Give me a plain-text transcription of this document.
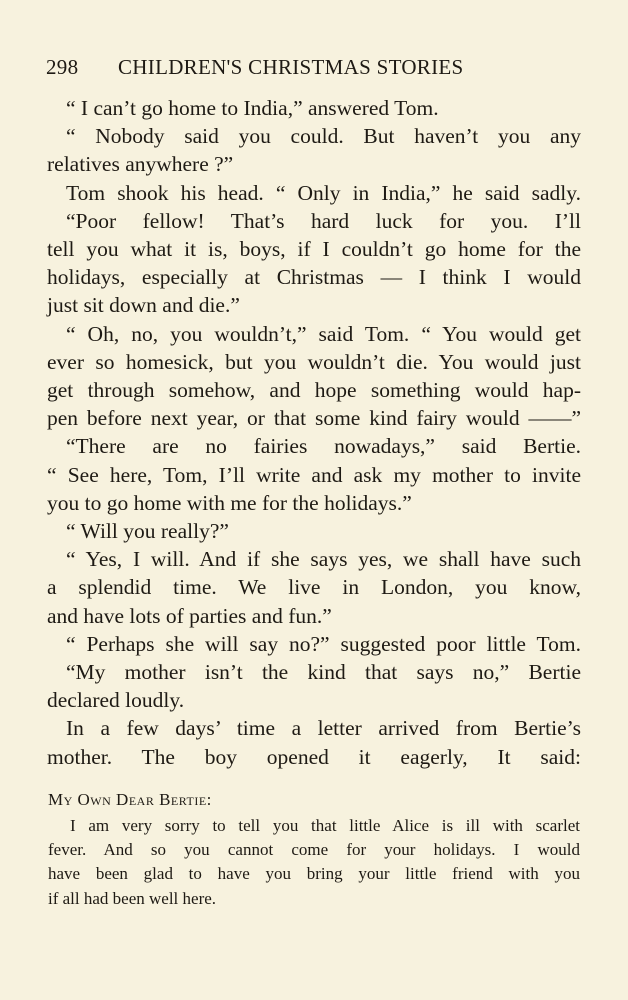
298 CHILDREN'S CHRISTMAS STORIES
“ I can’t go home to India,” answered Tom.
“ Nobody said you could. But haven’t you any
relatives anywhere ?”
Tom shook his head. “ Only in India,” he said sadly.
“Poor fellow! That’s hard luck for you. I’ll
tell you what it is, boys, if I couldn’t go home for the
holidays, especially at Christmas — I think I would
just sit down and die.”
“ Oh, no, you wouldn’t,” said Tom. “ You would get
ever so homesick, but you wouldn’t die. You would just
get through somehow, and hope something would hap-
pen before next year, or that some kind fairy would ——”
“There are no fairies nowadays,” said Bertie.
“ See here, Tom, I’ll write and ask my mother to invite
you to go home with me for the holidays.”
“ Will you really?”
“ Yes, I will. And if she says yes, we shall have such
a splendid time. We live in London, you know,
and have lots of parties and fun.”
“ Perhaps she will say no?” suggested poor little Tom.
“My mother isn’t the kind that says no,” Bertie
declared loudly.
In a few days’ time a letter arrived from Bertie’s
mother. The boy opened it eagerly, It said:
My Own Dear Bertie:
I am very sorry to tell you that little Alice is ill with scarlet
fever. And so you cannot come for your holidays. I would
have been glad to have you bring your little friend with you
if all had been well here.
